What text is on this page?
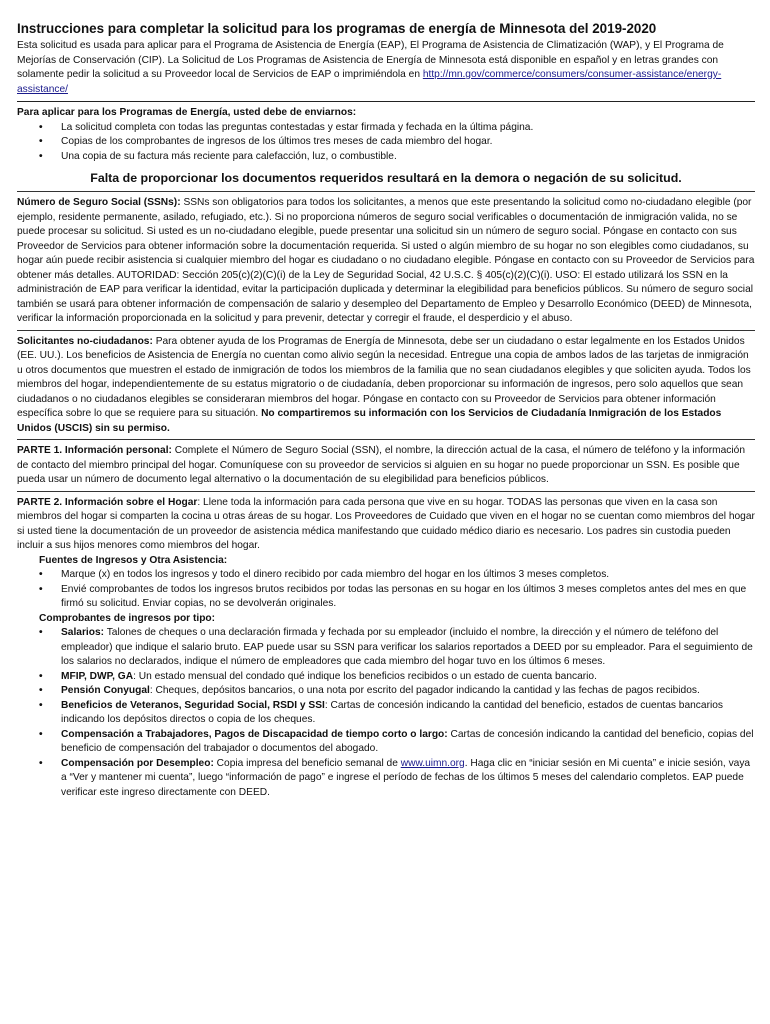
Instrucciones para completar la solicitud para los programas de energía de Minnesota del 2019-2020

Esta solicitud es usada para aplicar para el Programa de Asistencia de Energía (EAP), El Programa de Asistencia de Climatización (WAP), y El Programa de Mejorías de Conservación (CIP). La Solicitud de Los Programas de Asistencia de Energía de Minnesota está disponible en español y en letras grandes con solamente pedir la solicitud a su Proveedor local de Servicios de EAP o imprimiéndola en http://mn.gov/commerce/consumers/consumer-assistance/energy-assistance/

Para aplicar para los Programas de Energía, usted debe de enviarnos:

• La solicitud completa con todas las preguntas contestadas y estar firmada y fechada en la última página.
• Copias de los comprobantes de ingresos de los últimos tres meses de cada miembro del hogar.
• Una copia de su factura más reciente para calefacción, luz, o combustible.

Falta de proporcionar los documentos requeridos resultará en la demora o negación de su solicitud.

Número de Seguro Social (SSNs): SSNs son obligatorios para todos los solicitantes, a menos que este presentando la solicitud como no-ciudadano elegible (por ejemplo, residente permanente, asilado, refugiado, etc.). Si no proporciona números de seguro social verificables o documentación de inmigración valida, no se puede procesar su solicitud. Si usted es un no-ciudadano elegible, puede presentar una solicitud sin un número de seguro social. Póngase en contacto con sus Proveedor de Servicios para obtener información sobre la documentación requerida. Si usted o algún miembro de su hogar no son elegibles como ciudadanos, su hogar aún puede recibir asistencia si cualquier miembro del hogar es ciudadano o no ciudadano elegible. Póngase en contacto con su Proveedor de Servicios para obtener más detalles. AUTORIDAD: Sección 205(c)(2)(C)(i) de la Ley de Seguridad Social, 42 U.S.C. § 405(c)(2)(C)(i). USO: El estado utilizará los SSN en la administración de EAP para verificar la identidad, evitar la participación duplicada y determinar la elegibilidad para beneficios públicos. Su número de seguro social también se usará para obtener información de compensación de salario y desempleo del Departamento de Empleo y Desarrollo Económico (DEED) de Minnesota, verificar la información proporcionada en la solicitud y para prevenir, detectar y corregir el fraude, el desperdicio y el abuso.

Solicitantes no-ciudadanos: Para obtener ayuda de los Programas de Energía de Minnesota, debe ser un ciudadano o estar legalmente en los Estados Unidos (EE. UU.). Los beneficios de Asistencia de Energía no cuentan como alivio según la necesidad. Entregue una copia de ambos lados de las tarjetas de inmigración u otros documentos que muestren el estado de inmigración de todos los miembros de la familia que no sean ciudadanos elegibles y que soliciten ayuda. Todos los miembros del hogar, independientemente de su estatus migratorio o de ciudadanía, deben proporcionar su información de ingresos, pero solo aquellos que sean ciudadanos o no ciudadanos elegibles se consideraran miembros del hogar. Póngase en contacto con su Proveedor de Servicios para obtener información específica sobre lo que se requiere para su situación. No compartiremos su información con los Servicios de Ciudadanía Inmigración de los Estados Unidos (USCIS) sin su permiso.

PARTE 1. Información personal: Complete el Número de Seguro Social (SSN), el nombre, la dirección actual de la casa, el número de teléfono y la información de contacto del miembro principal del hogar. Comuníquese con su proveedor de servicios si alguien en su hogar no puede proporcionar un SSN. Es posible que pueda usar un número de documento legal alternativo o la documentación de su elegibilidad para beneficios públicos.

PARTE 2. Información sobre el Hogar: Llene toda la información para cada persona que vive en su hogar. TODAS las personas que viven en la casa son miembros del hogar si comparten la cocina u otras áreas de su hogar. Los Proveedores de Cuidado que viven en el hogar no se cuentan como miembros del hogar si usted tiene la documentación de un proveedor de asistencia médica manifestando que cuidado médico diario es necesario. Los padres sin custodia pueden incluir a sus hijos menores como miembros del hogar.

Fuentes de Ingresos y Otra Asistencia:

• Marque (x) en todos los ingresos y todo el dinero recibido por cada miembro del hogar en los últimos 3 meses completos.
• Envié comprobantes de todos los ingresos brutos recibidos por todas las personas en su hogar en los últimos 3 meses completos antes del mes en que firmó su solicitud. Enviar copias, no se devolverán originales.

Comprobantes de ingresos por tipo:

• Salarios: Talones de cheques o una declaración firmada y fechada por su empleador (incluido el nombre, la dirección y el número de teléfono del empleador) que indique el salario bruto. EAP puede usar su SSN para verificar los salarios reportados a DEED por su empleador. Para el seguimiento de los salarios no declarados, indique el número de empleadores que cada miembro del hogar tuvo en los últimos 6 meses.
• MFIP, DWP, GA: Un estado mensual del condado qué indique los beneficios recibidos o un estado de cuenta bancario.
• Pensión Conyugal: Cheques, depósitos bancarios, o una nota por escrito del pagador indicando la cantidad y las fechas de pagos recibidos.
• Beneficios de Veteranos, Seguridad Social, RSDI y SSI: Cartas de concesión indicando la cantidad del beneficio, estados de cuentas bancarios indicando los depósitos directos o copia de los cheques.
• Compensación a Trabajadores, Pagos de Discapacidad de tiempo corto o largo: Cartas de concesión indicando la cantidad del beneficio, copias del beneficio de compensación del trabajador o documentos del abogado.
• Compensación por Desempleo: Copia impresa del beneficio semanal de www.uimn.org. Haga clic en “iniciar sesión en Mi cuenta” e inicie sesión, vaya a “Ver y mantener mi cuenta”, luego “información de pago” e ingrese el período de fechas de los últimos 5 meses del calendario completos. EAP puede verificar este ingreso directamente con DEED.
